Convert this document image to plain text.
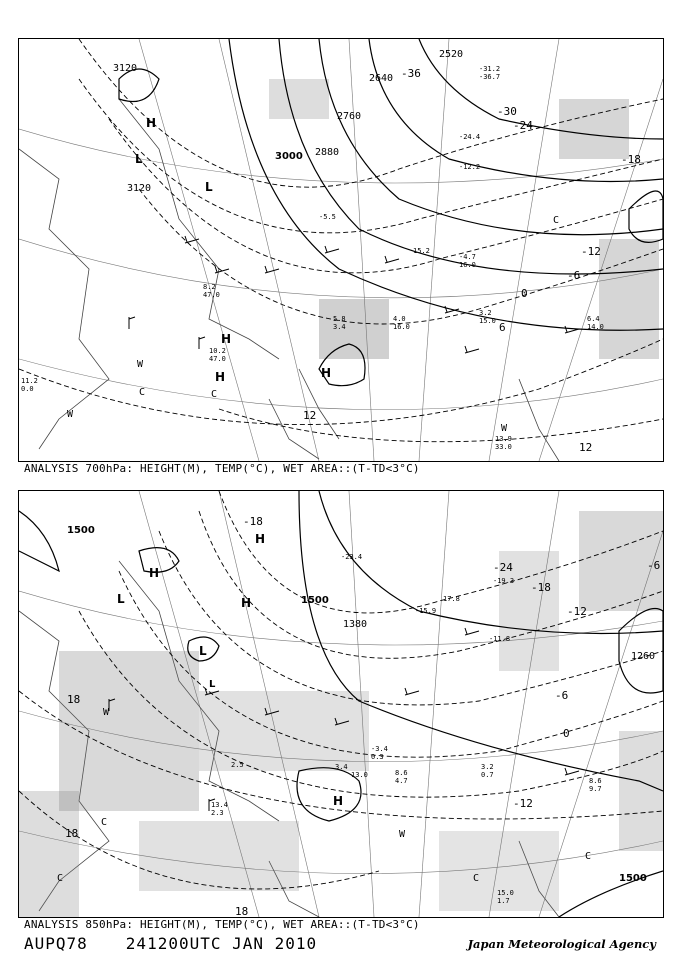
3120
3120
3000 2880
2760
2640
2520
-36
-30
-24
-18
-12
-6
0
6
12
12
H
H
H	H
L
L
W
W
W
C	C
C
10.2
47.0
13.9
33.0
3.2
15.0	6.4
14.0
4.0
16.0
5.8
3.4
8.2
47.0
11.2
0.0
-31.2
-36.7
-24.4
-12.2
-5.5
15.2
-4.7
16.0
ANALYSIS 700hPa: HEIGHT(M), TEMP(°C), WET AREA::(T-TD<3°C)
1500
1500
1500
1380
1260
-24
-18
-18
-12
-12
-6
-6
0
18
18
18
H
H
H
H
L
L
L
W
W
C
C
C
C
13.4
2.3
8.6
4.7
3.2
0.7
8.6
9.7
15.0
1.7
-23.4
-19.3
-15.9
-11.8
-3.4
0.3
3.4
13.0
2.5
17.8
ANALYSIS 850hPa: HEIGHT(M), TEMP(°C), WET AREA::(T-TD<3°C)
AUPQ78 241200UTC JAN 2010	Japan Meteorological Agency
